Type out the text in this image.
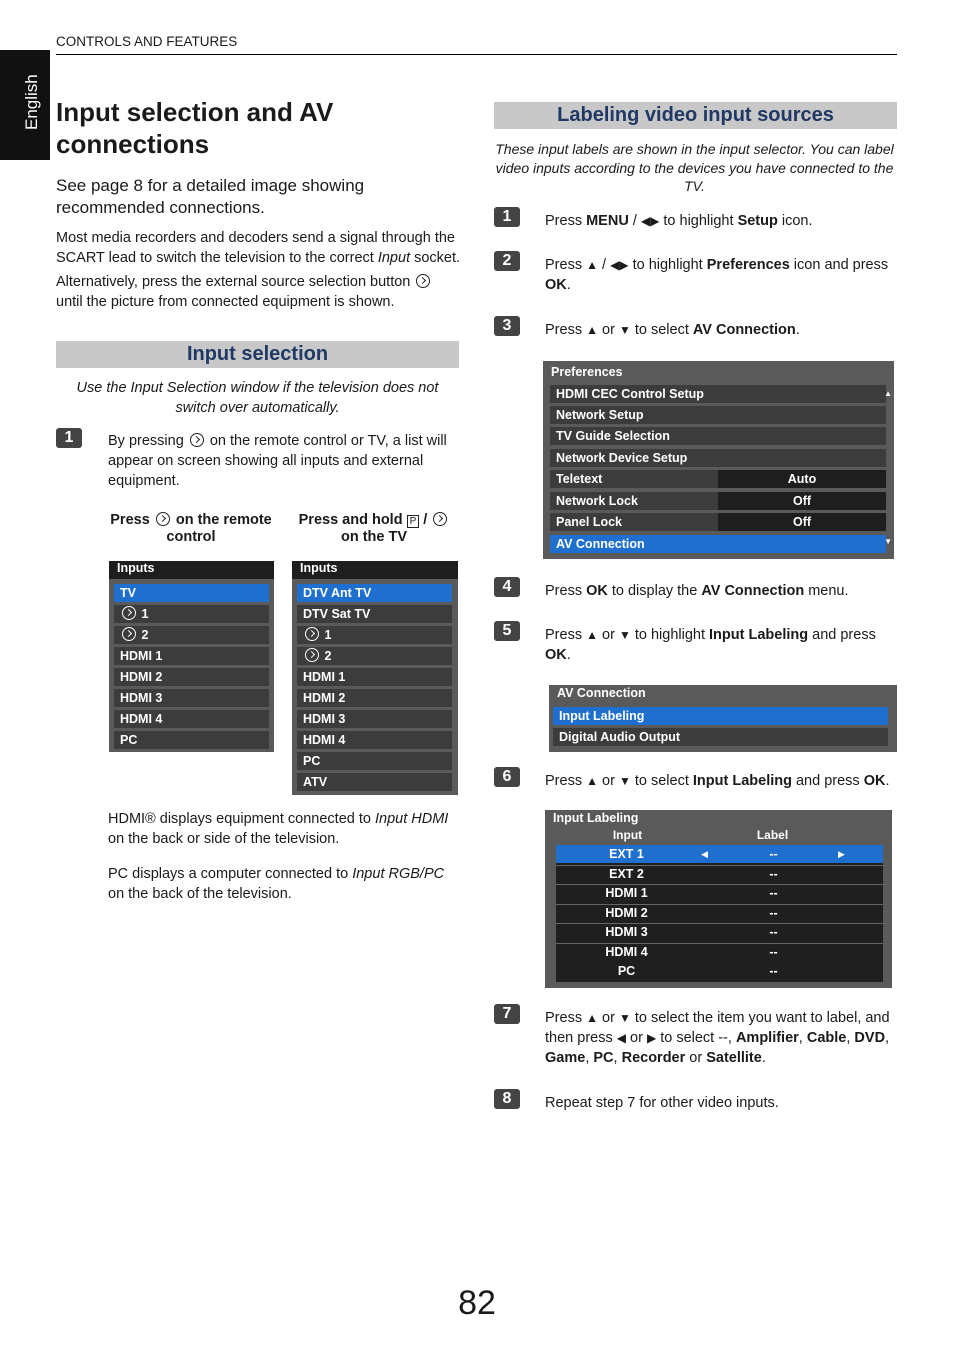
CONTROLS AND FEATURES
English Input selection and AV connections
See page 8 for a detailed image showing recommended connections.
Most media recorders and decoders send a signal through the SCART lead to switch the television to the correct Input socket.
Alternatively, press the external source selection button  until the picture from connected equipment is shown.
Input selection
Use the Input Selection window if the television does not switch over automatically.
1	By pressing  on the remote control or TV, a list will appear on screen showing all inputs and external equipment.
Press  on the remote control
Press and hold P /  on the TV
Inputs
TV
1
2
HDMI 1
HDMI 2
HDMI 3
HDMI 4
PC
Inputs
DTV Ant TV
DTV Sat TV
1
2
HDMI 1
HDMI 2
HDMI 3
HDMI 4
PC
ATV
HDMI® displays equipment connected to Input HDMI on the back or side of the television.
PC displays a computer connected to Input RGB/PC on the back of the television.
Labeling video input sources
These input labels are shown in the input selector. You can label video inputs according to the devices you have connected to the TV.
1	Press MENU / ◀▶ to highlight Setup icon.
2	Press ▲ / ◀▶ to highlight Preferences icon and press OK.
3	Press ▲ or ▼ to select AV Connection.
Preferences
HDMI CEC Control Setup
Network Setup
TV Guide Selection
Network Device Setup
Teletext	Auto
Network Lock	Off
Panel Lock	Off
AV Connection
▲
▼
4	Press OK to display the AV Connection menu.
5	Press ▲ or ▼ to highlight Input Labeling and press OK.
AV Connection
Input Labeling
Digital Audio Output
6	Press ▲ or ▼ to select Input Labeling and press OK.
Input Labeling
Input	Label
EXT 1	◀	--	▶
EXT 2	--
HDMI 1	--
HDMI 2	--
HDMI 3	--
HDMI 4	--
PC	--
7	Press ▲ or ▼ to select the item you want to label, and then press ◀ or ▶ to select --, Amplifier, Cable, DVD, Game, PC, Recorder or Satellite.
8	Repeat step 7 for other video inputs.
82
